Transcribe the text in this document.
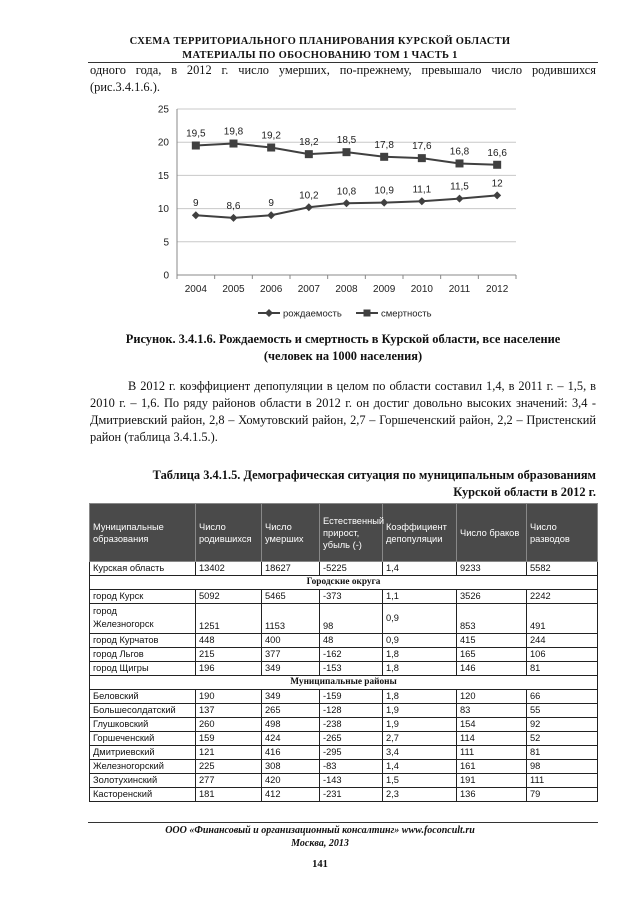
СХЕМА ТЕРРИТОРИАЛЬНОГО ПЛАНИРОВАНИЯ КУРСКОЙ ОБЛАСТИ
МАТЕРИАЛЫ ПО ОБОСНОВАНИЮ ТОМ 1 ЧАСТЬ 1
одного года, в 2012 г. число умерших, по-прежнему, превышало число родившихся (рис.3.4.1.6.).
0
5
10
15
20
25
2004 2005 2006 2007 2008 2009 2010 2011 2012
9	8,6	9
10,2 10,8 10,9 11,1 11,5 12
19,5 19,8 19,2
18,2 18,5 17,8 17,6 16,8 16,6
рождаемость	смертность
Рисунок. 3.4.1.6. Рождаемость и смертность в Курской области, все население
(человек на 1000 населения)
В 2012 г. коэффициент депопуляции в целом по области составил 1,4, в 2011 г. – 1,5, в 2010 г. – 1,6. По ряду районов области в 2012 г. он достиг довольно высоких значений: 3,4 - Дмитриевский район, 2,8 – Хомутовский район, 2,7 – Горшеченский район, 2,2 – Пристенский район (таблица 3.4.1.5.).
Таблица 3.4.1.5. Демографическая ситуация по муниципальным образованиям
Курской области в 2012 г.
Муниципальные образования	Число родившихся	Число умерших	Естественный прирост, убыль (-)	Коэффициент депопуляции	Число браков	Число разводов
Курская область	13402	18627	-5225	1,4	9233	5582
Городские округа						
город Курск	5092	5465	-373	1,1	3526	2242

город
Железногорск	1251	1153	98	0,9	853	491
город Курчатов	448	400	48	0,9	415	244
город Льгов	215	377	-162	1,8	165	106
город Щигры	196	349	-153	1,8	146	81
Муниципальные районы						
Беловский	190	349	-159	1,8	120	66
Большесолдатский	137	265	-128	1,9	83	55
Глушковский	260	498	-238	1,9	154	92
Горшеченский	159	424	-265	2,7	114	52
Дмитриевский	121	416	-295	3,4	111	81
Железногорский	225	308	-83	1,4	161	98
Золотухинский	277	420	-143	1,5	191	111
Касторенский	181	412	-231	2,3	136	79
ООО «Финансовый и организационный консалтинг» www.foconcult.ru
Москва, 2013
141
